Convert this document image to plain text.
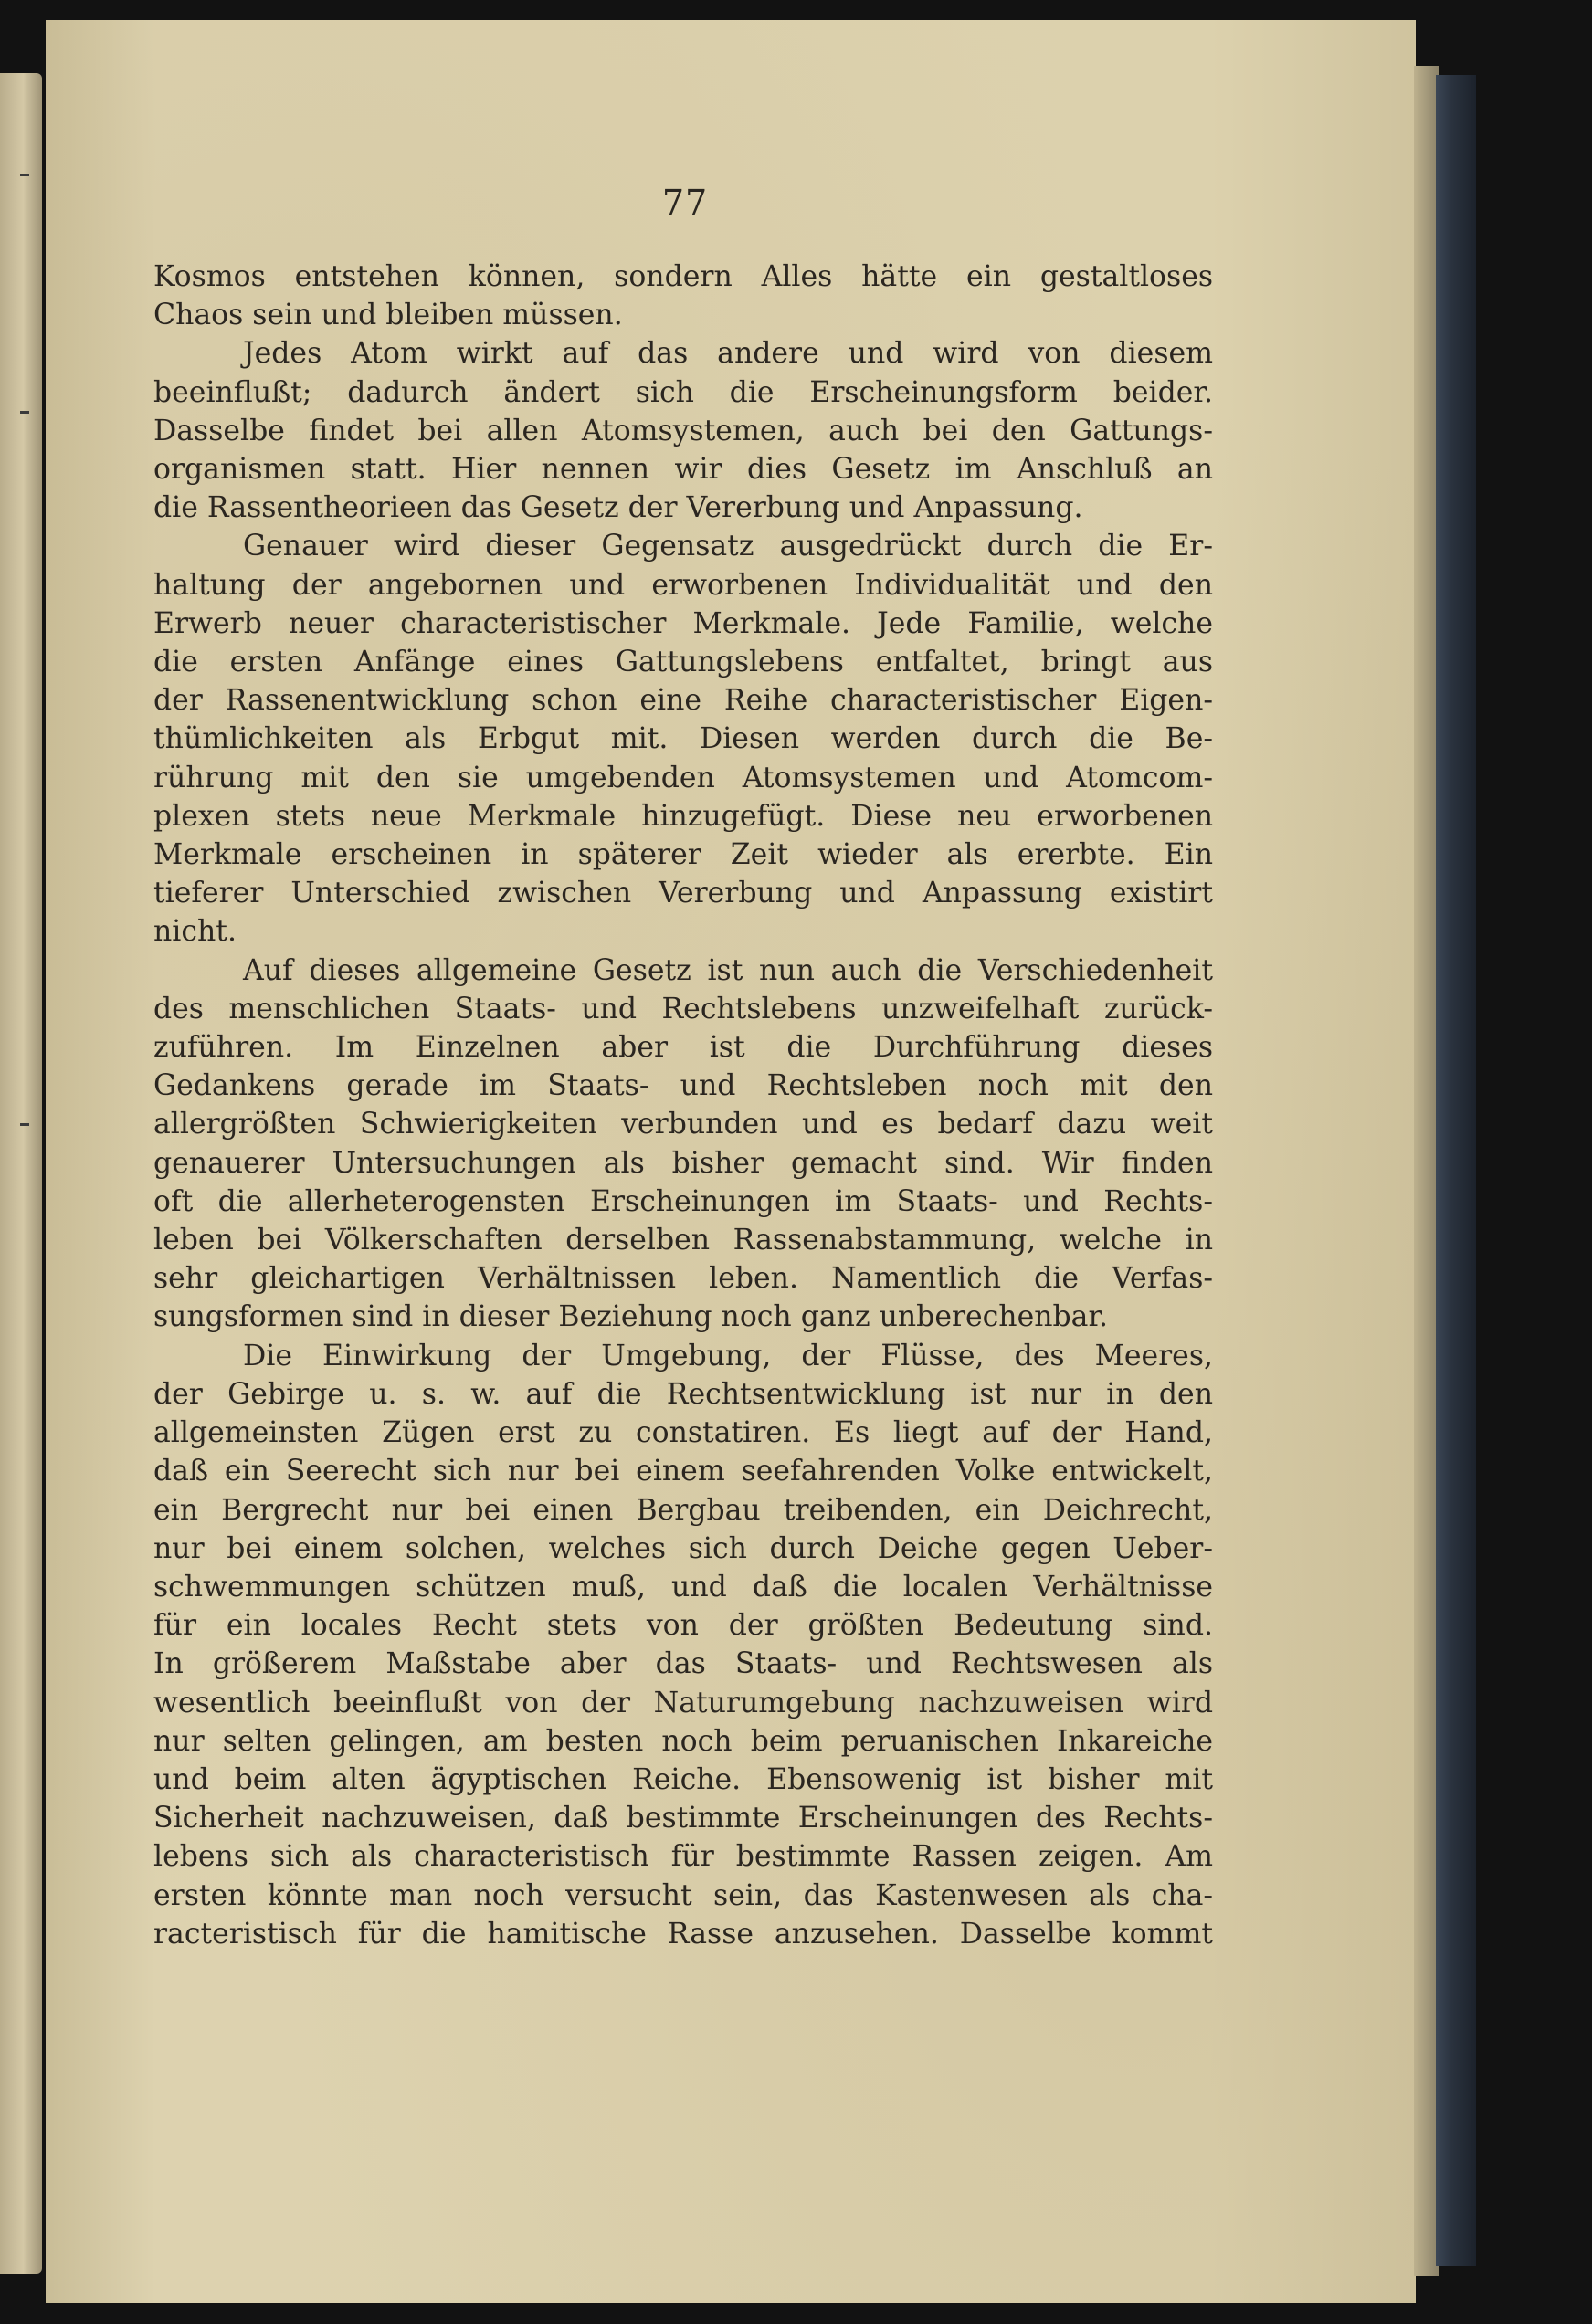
77
Kosmos entstehen können, sondern Alles hätte ein gestaltloses
Chaos sein und bleiben müssen.
Jedes Atom wirkt auf das andere und wird von diesem
beeinflußt; dadurch ändert sich die Erscheinungsform beider.
Dasselbe findet bei allen Atomsystemen, auch bei den Gattungs-
organismen statt. Hier nennen wir dies Gesetz im Anschluß an
die Rassentheorieen das Gesetz der Vererbung und Anpassung.
Genauer wird dieser Gegensatz ausgedrückt durch die Er-
haltung der angebornen und erworbenen Individualität und den
Erwerb neuer characteristischer Merkmale. Jede Familie, welche
die ersten Anfänge eines Gattungslebens entfaltet, bringt aus
der Rassenentwicklung schon eine Reihe characteristischer Eigen-
thümlichkeiten als Erbgut mit. Diesen werden durch die Be-
rührung mit den sie umgebenden Atomsystemen und Atomcom-
plexen stets neue Merkmale hinzugefügt. Diese neu erworbenen
Merkmale erscheinen in späterer Zeit wieder als ererbte. Ein
tieferer Unterschied zwischen Vererbung und Anpassung existirt
nicht.
Auf dieses allgemeine Gesetz ist nun auch die Verschiedenheit
des menschlichen Staats- und Rechtslebens unzweifelhaft zurück-
zuführen. Im Einzelnen aber ist die Durchführung dieses
Gedankens gerade im Staats- und Rechtsleben noch mit den
allergrößten Schwierigkeiten verbunden und es bedarf dazu weit
genauerer Untersuchungen als bisher gemacht sind. Wir finden
oft die allerheterogensten Erscheinungen im Staats- und Rechts-
leben bei Völkerschaften derselben Rassenabstammung, welche in
sehr gleichartigen Verhältnissen leben. Namentlich die Verfas-
sungsformen sind in dieser Beziehung noch ganz unberechenbar.
Die Einwirkung der Umgebung, der Flüsse, des Meeres,
der Gebirge u. s. w. auf die Rechtsentwicklung ist nur in den
allgemeinsten Zügen erst zu constatiren. Es liegt auf der Hand,
daß ein Seerecht sich nur bei einem seefahrenden Volke entwickelt,
ein Bergrecht nur bei einen Bergbau treibenden, ein Deichrecht,
nur bei einem solchen, welches sich durch Deiche gegen Ueber-
schwemmungen schützen muß, und daß die localen Verhältnisse
für ein locales Recht stets von der größten Bedeutung sind.
In größerem Maßstabe aber das Staats- und Rechtswesen als
wesentlich beeinflußt von der Naturumgebung nachzuweisen wird
nur selten gelingen, am besten noch beim peruanischen Inkareiche
und beim alten ägyptischen Reiche. Ebensowenig ist bisher mit
Sicherheit nachzuweisen, daß bestimmte Erscheinungen des Rechts-
lebens sich als characteristisch für bestimmte Rassen zeigen. Am
ersten könnte man noch versucht sein, das Kastenwesen als cha-
racteristisch für die hamitische Rasse anzusehen. Dasselbe kommt
